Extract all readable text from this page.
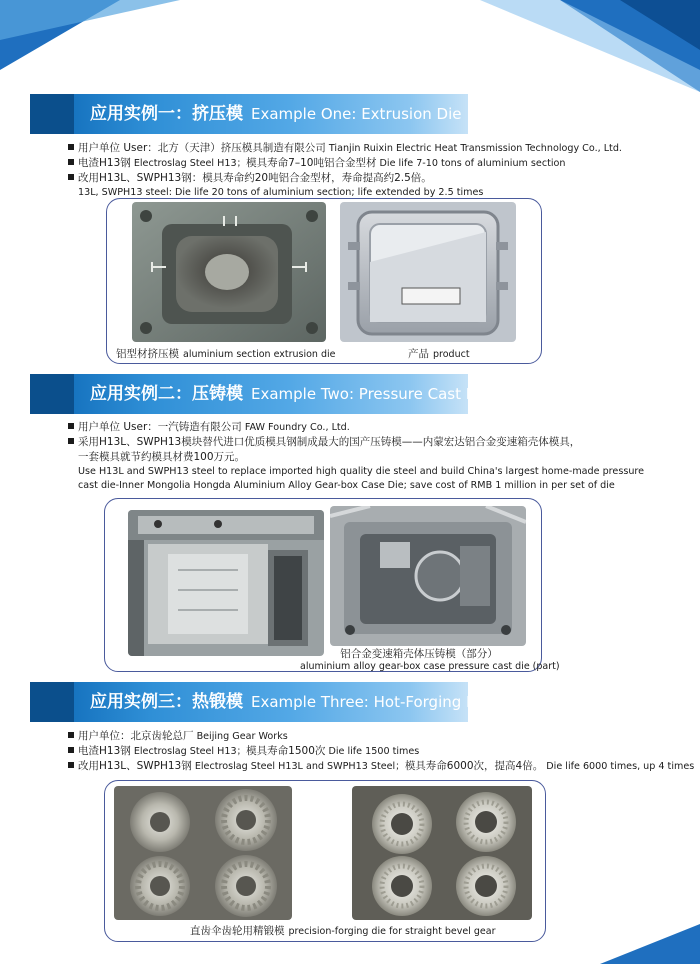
应用实例一：挤压模 Example One: Extrusion Die
用户单位 User：北方（天津）挤压模具制造有限公司 Tianjin Ruixin Electric Heat Transmission Technology Co., Ltd.
电渣H13钢 Electroslag Steel H13；模具寿命7–10吨铝合金型材 Die life 7-10 tons of aluminium section
改用H13L、SWPH13钢：模具寿命约20吨铝合金型材，寿命提高约2.5倍。
13L, SWPH13 steel: Die life 20 tons of aluminium section; life extended by 2.5 times
铝型材挤压模 aluminium section extrusion die	产品 product
应用实例二：压铸模 Example Two: Pressure Cast Die
用户单位 User：一汽铸造有限公司 FAW Foundry Co., Ltd.
采用H13L、SWPH13模块替代进口优质模具钢制成最大的国产压铸模——内蒙宏达铝合金变速箱壳体模具，
一套模具就节约模具材费100万元。
Use H13L and SWPH13 steel to replace imported high quality die steel and build China's largest home-made pressure
cast die-Inner Mongolia Hongda Aluminium Alloy Gear-box Case Die; save cost of RMB 1 million in per set of die
铝合金变速箱壳体压铸模（部分）
aluminium alloy gear-box case pressure cast die (part)
应用实例三：热锻模 Example Three: Hot-Forging Die
用户单位：北京齿轮总厂 Beijing Gear Works
电渣H13钢 Electroslag Steel H13；模具寿命1500次 Die life 1500 times
改用H13L、SWPH13钢 Electroslag Steel H13L and SWPH13 Steel；模具寿命6000次，提高4倍。 Die life 6000 times, up 4 times
直齿伞齿轮用精锻模 precision-forging die for straight bevel gear
